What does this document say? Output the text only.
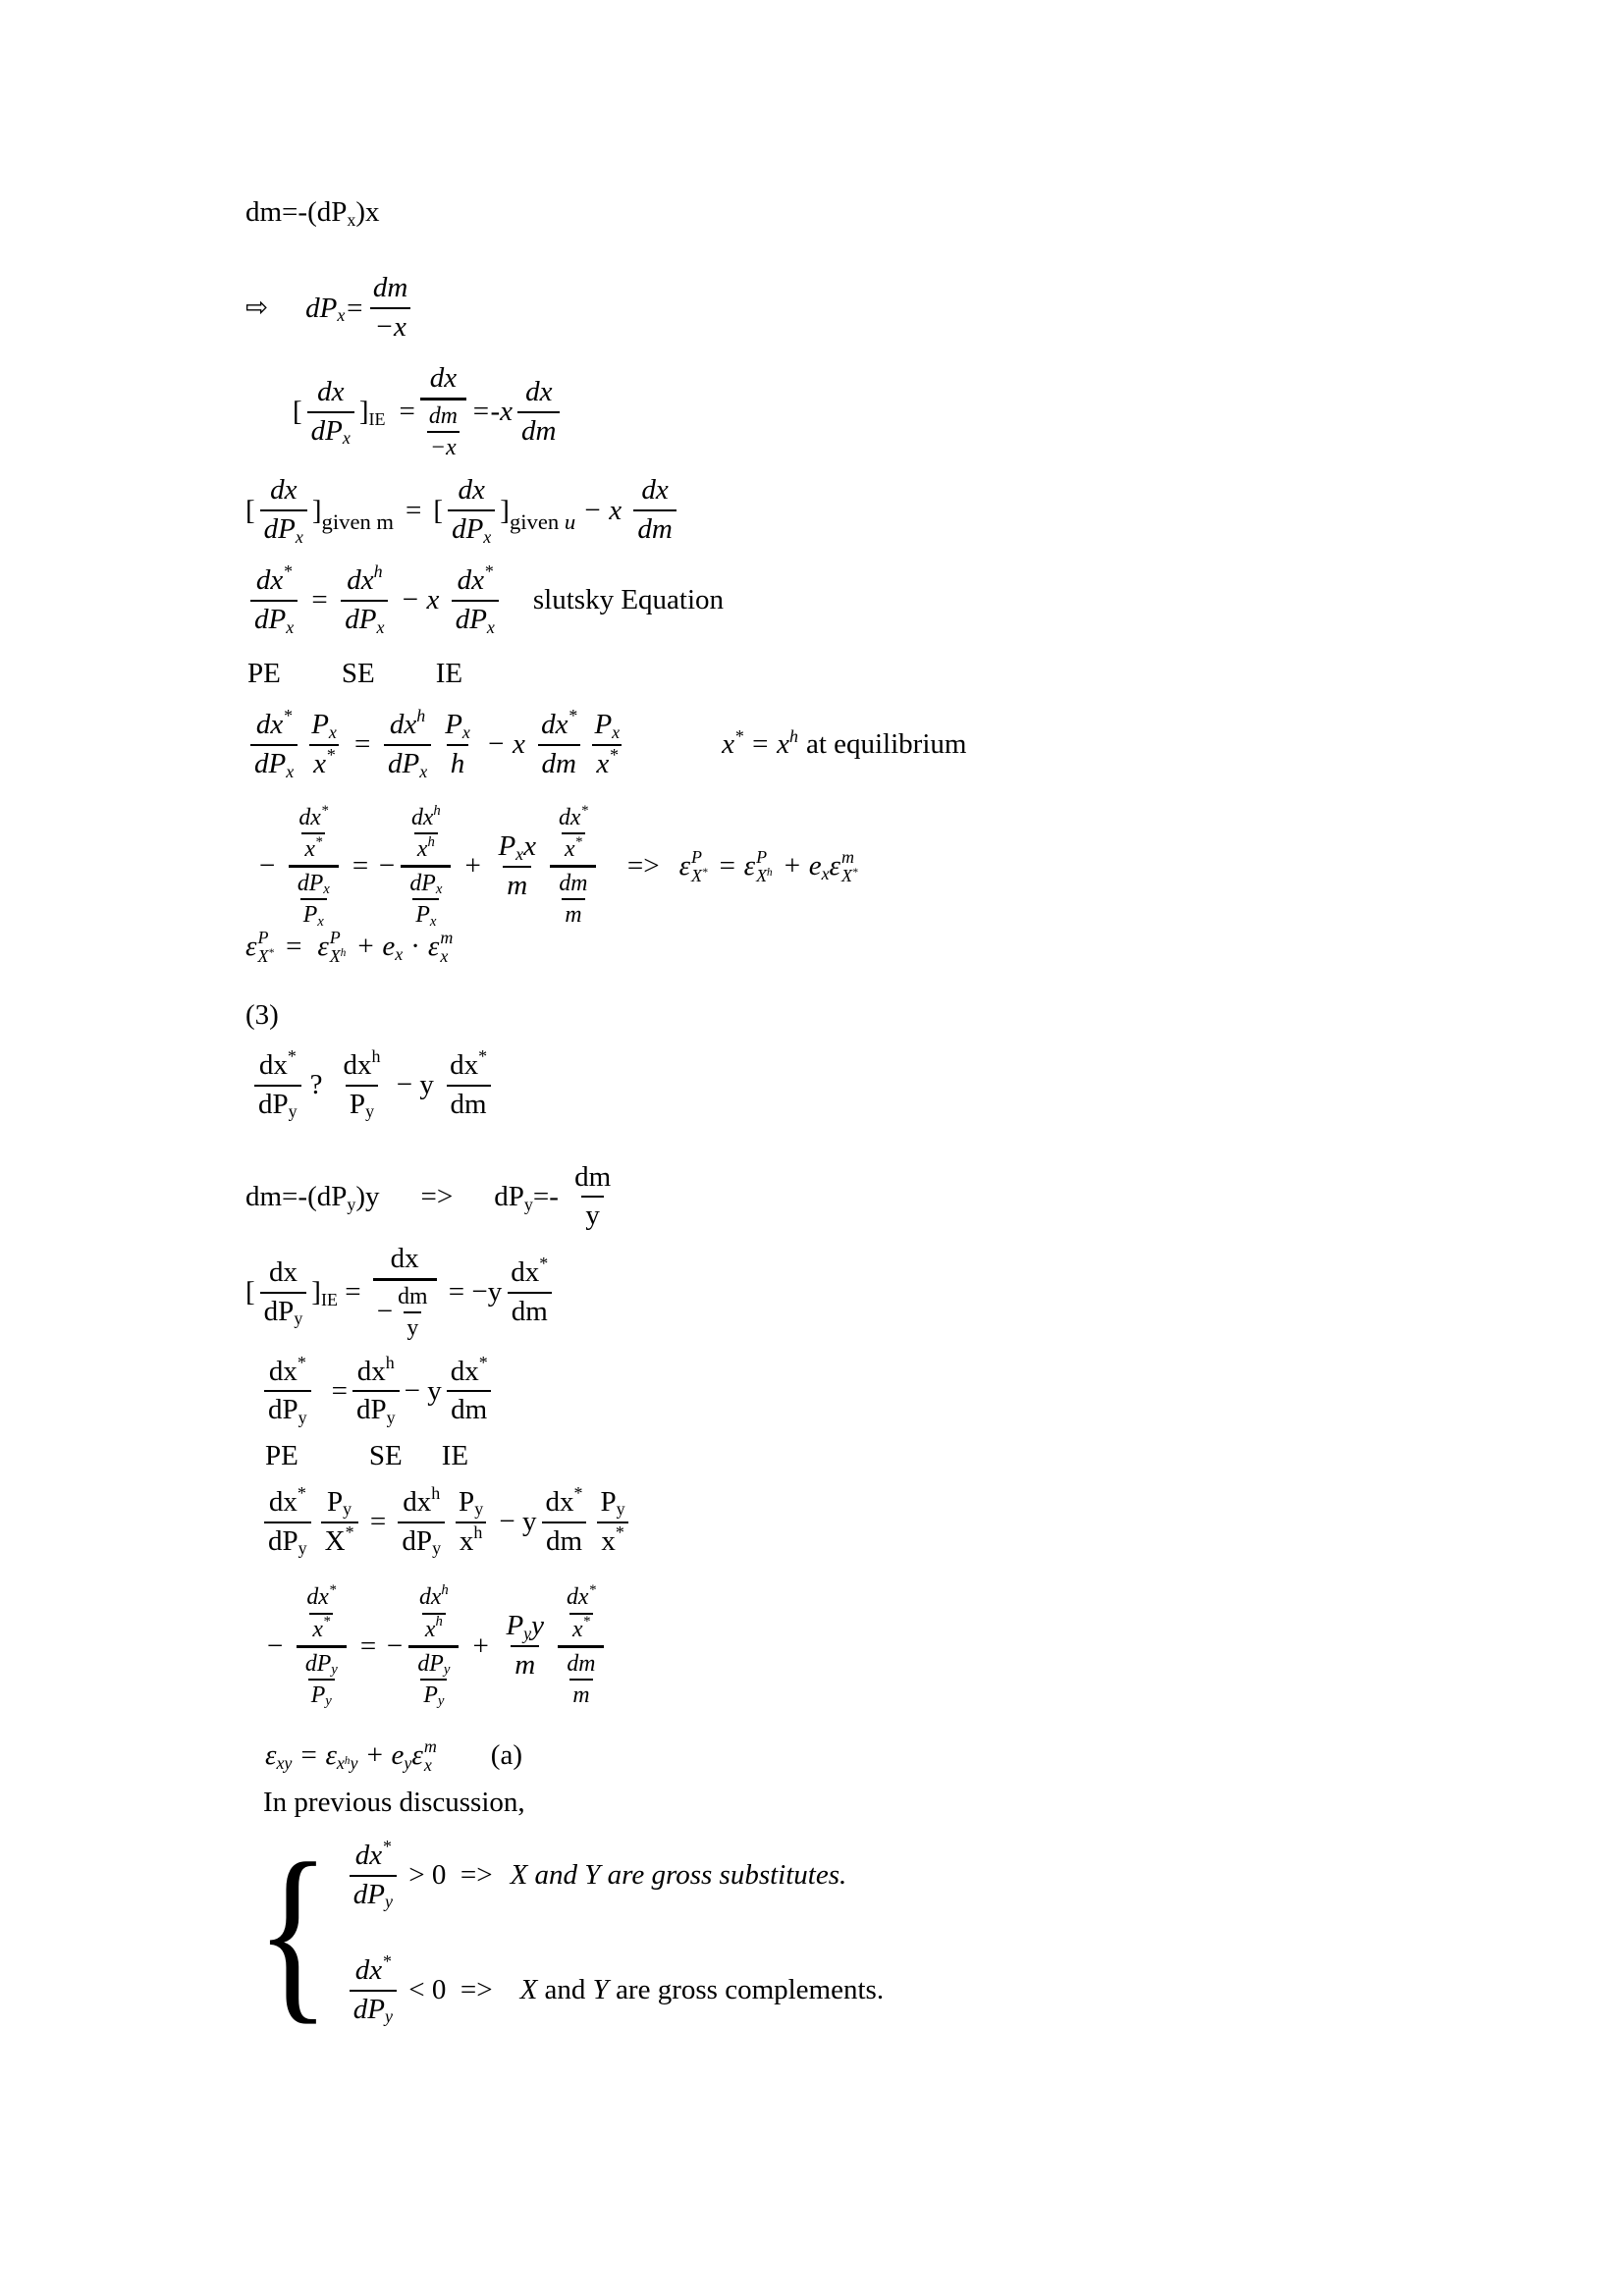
dm=-(dP x )x
⇨ dP $x = \frac{dm}{-x}$
[
dx
dP x
] IE = dx
dm
−x =-x
dx
dm
[
dx
dP x
] given m = [
dx
dP x
] given u − x
dx
dm
dx *
dP x
=
dx h
dP x
− x
dx *
dP x
slutsky Equation
PE SE IE
dx *
dP x $\frac{\text{P x}}{x *}$ =
dx h
dP x
P x
h
− x
dx *
dm
P x
x *	x * = x h at equilibrium
−
dx *
x *
dP x
P x
= −
dx h
x h
dP x
P x
+
P x x
m
dx *
x *
dm
m
=> ε P
X* = ε P
$X^h + e$ x ε m
X*
ε P
X* = ε P
$X^h + e$ x · ε m
x
(3)
dx *
dP y
?
dx h
P y
− y
dx *
dm
dm=-(dP y )y => dP y =-
dm
y
[
dx
dP y
] IE =
dx
− $\frac{dm}{y} = -y$
dx *
dm
dx *
dP y
=
dx h
dP y
− y
dx *
dm
PE SE IE
dx *
dP y $\frac{\text{P y}}{X *}$ =
dx h
dP y
P y
x h − y
dx *
dm
P y
x *
−
dx *
x *
dP y
P y
= −
dx h
x h
dP y
P y
+
P y y
m
dx *
x *
dm
m
ε xy = ε $x^hy + e$ y ε m
x (a)
In previous discussion,
{ dx *
dP y
> 0 => X and Y are gross substitutes.
dx *
dP y
< 0 => X and Y are gross complements.
